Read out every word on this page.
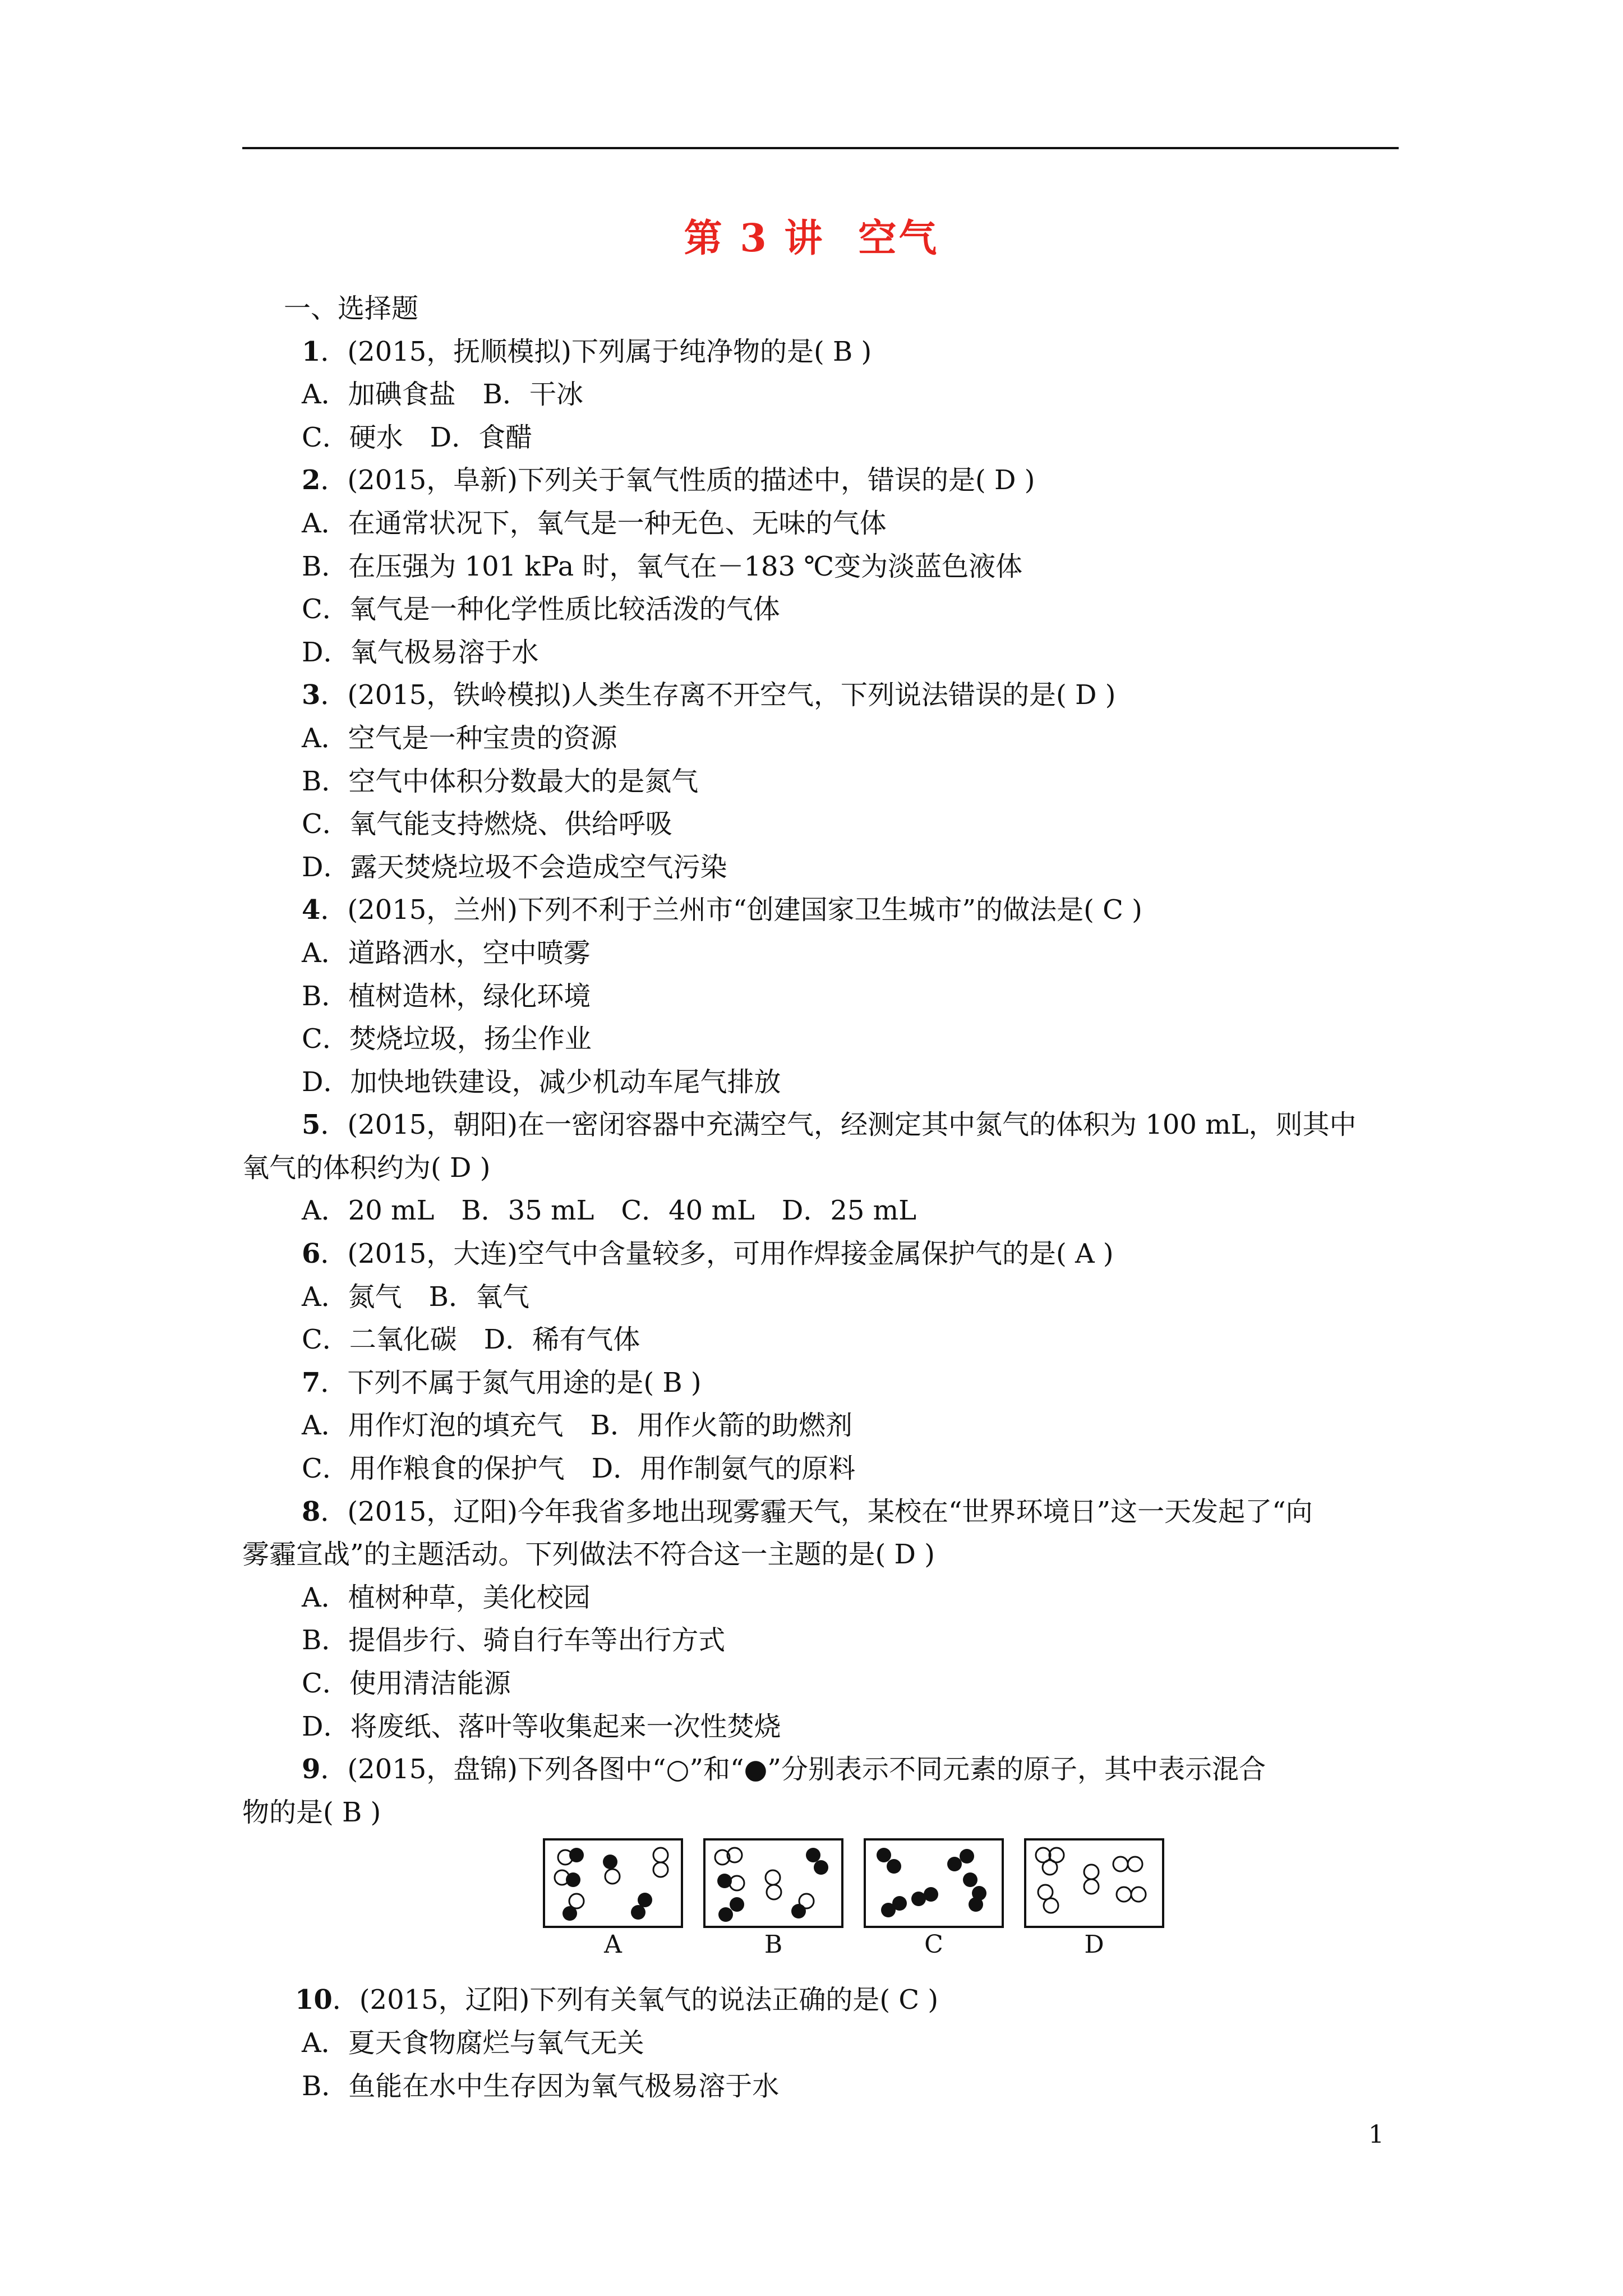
第 3 讲 空气
一、选择题
1．(2015，抚顺模拟)下列属于纯净物的是( B )
A．加碘食盐　B．干冰
C．硬水　D．食醋
2．(2015，阜新)下列关于氧气性质的描述中，错误的是( D )
A．在通常状况下，氧气是一种无色、无味的气体
B．在压强为 101 kPa 时，氧气在－183 ℃变为淡蓝色液体
C．氧气是一种化学性质比较活泼的气体
D．氧气极易溶于水
3．(2015，铁岭模拟)人类生存离不开空气，下列说法错误的是( D )
A．空气是一种宝贵的资源
B．空气中体积分数最大的是氮气
C．氧气能支持燃烧、供给呼吸
D．露天焚烧垃圾不会造成空气污染
4．(2015，兰州)下列不利于兰州市“创建国家卫生城市”的做法是( C )
A．道路洒水，空中喷雾
B．植树造林，绿化环境
C．焚烧垃圾，扬尘作业
D．加快地铁建设，减少机动车尾气排放
5．(2015，朝阳)在一密闭容器中充满空气，经测定其中氮气的体积为 100 mL，则其中
氧气的体积约为( D )
A．20 mL　B．35 mL　C．40 mL　D．25 mL
6．(2015，大连)空气中含量较多，可用作焊接金属保护气的是( A )
A．氮气　B．氧气
C．二氧化碳　D．稀有气体
7．下列不属于氮气用途的是( B )
A．用作灯泡的填充气　B．用作火箭的助燃剂
C．用作粮食的保护气　D．用作制氨气的原料
8．(2015，辽阳)今年我省多地出现雾霾天气，某校在“世界环境日”这一天发起了“向
雾霾宣战”的主题活动。下列做法不符合这一主题的是( D )
A．植树种草，美化校园
B．提倡步行、骑自行车等出行方式
C．使用清洁能源
D．将废纸、落叶等收集起来一次性焚烧
9．(2015，盘锦)下列各图中“○”和“●”分别表示不同元素的原子，其中表示混合
物的是( B )
A	B	C	D
10．(2015，辽阳)下列有关氧气的说法正确的是( C )
A．夏天食物腐烂与氧气无关
B．鱼能在水中生存因为氧气极易溶于水
1
